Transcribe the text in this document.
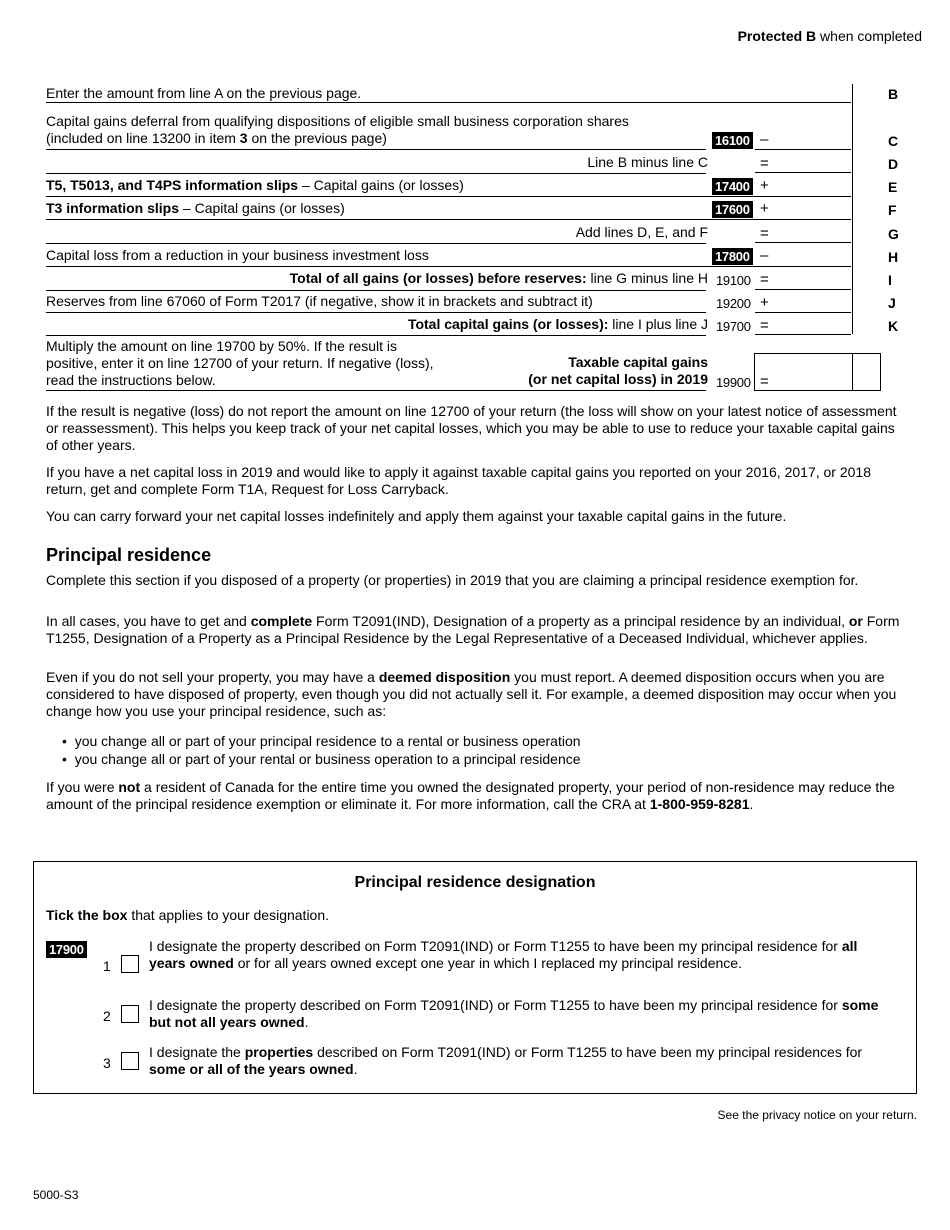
Protected B when completed
Enter the amount from line A on the previous page.	B
Capital gains deferral from qualifying dispositions of eligible small business corporation shares
(included on line 13200 in item 3 on the previous page)	16100 –	C
Line B minus line C	=	D
T5, T5013, and T4PS information slips – Capital gains (or losses)	17400 +	E
T3 information slips – Capital gains (or losses)	17600 +	F
Add lines D, E, and F	=	G
Capital loss from a reduction in your business investment loss	17800 –	H
Total of all gains (or losses) before reserves: line G minus line H 19100 =	I
Reserves from line 67060 of Form T2017 (if negative, show it in brackets and subtract it)	19200 +	J
Total capital gains (or losses): line I plus line J 19700 =	K
Multiply the amount on line 19700 by 50%. If the result is
positive, enter it on line 12700 of your return. If negative (loss),
read the instructions below.
Taxable capital gains
(or net capital loss) in 2019 19900 =
If the result is negative (loss) do not report the amount on line 12700 of your return (the loss will show on your latest notice of assessment or reassessment). This helps you keep track of your net capital losses, which you may be able to use to reduce your taxable capital gains of other years.
If you have a net capital loss in 2019 and would like to apply it against taxable capital gains you reported on your 2016, 2017, or 2018 return, get and complete Form T1A, Request for Loss Carryback.
You can carry forward your net capital losses indefinitely and apply them against your taxable capital gains in the future.
Principal residence
Complete this section if you disposed of a property (or properties) in 2019 that you are claiming a principal residence exemption for.
In all cases, you have to get and complete Form T2091(IND), Designation of a property as a principal residence by an individual, or Form T1255, Designation of a Property as a Principal Residence by the Legal Representative of a Deceased Individual, whichever applies.
Even if you do not sell your property, you may have a deemed disposition you must report. A deemed disposition occurs when you are considered to have disposed of property, even though you did not actually sell it. For example, a deemed disposition may occur when you change how you use your principal residence, such as:
•  you change all or part of your principal residence to a rental or business operation
•  you change all or part of your rental or business operation to a principal residence
If you were not a resident of Canada for the entire time you owned the designated property, your period of non-residence may reduce the amount of the principal residence exemption or eliminate it. For more information, call the CRA at 1-800-959-8281.
Principal residence designation
Tick the box that applies to your designation.
17900
1
I designate the property described on Form T2091(IND) or Form T1255 to have been my principal residence for all years owned or for all years owned except one year in which I replaced my principal residence.
2
I designate the property described on Form T2091(IND) or Form T1255 to have been my principal residence for some but not all years owned.
3
I designate the properties described on Form T2091(IND) or Form T1255 to have been my principal residences for some or all of the years owned.
See the privacy notice on your return.
5000-S3
